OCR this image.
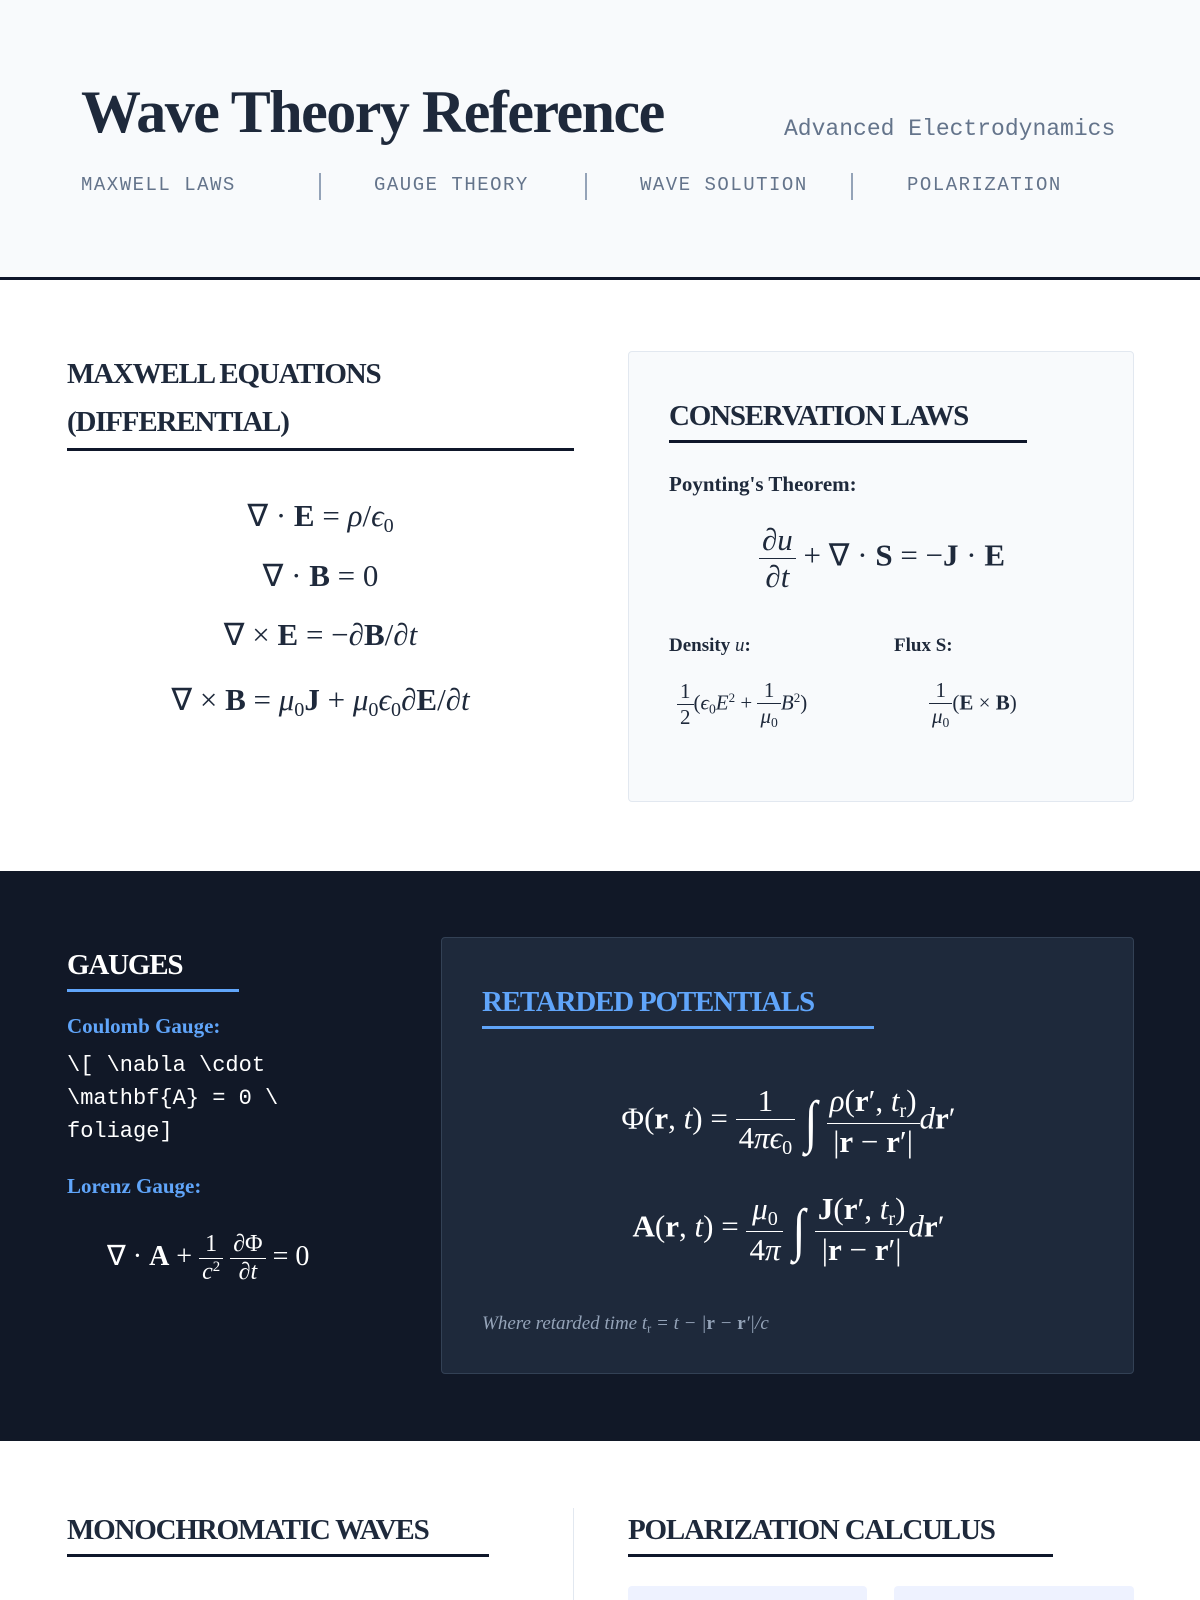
Wave Theory Reference	Advanced Electrodynamics
MAXWELL LAWS	GAUGE THEORY	WAVE SOLUTION	POLARIZATION
MAXWELL EQUATIONS
(DIFFERENTIAL)
∇ · $E = \rho/\epsilon_0$
∇ · B = 0
∇ × E = −∂B/∂t
∇ × $B = \mu_0J + \mu_0\epsilon_0\partial E/\partial t$
CONSERVATION LAWS
Poynting's Theorem:
$\frac{\partial u}{\partial t}$ + ∇ · S = −J · E
Density u:	Flux S:
$\frac{1}{2} (\epsilon_0E^2 + \frac{1}{\mu_0} B^2)$	$\frac{1}{\mu_0} (E \times B)$
GAUGES
Coulomb Gauge:
\[ \nabla \cdot \mathbf{A} = 0 \ foliage]
Lorenz Gauge:
∇ · $A + \frac{1}{c^2}$
$\frac{\partial\Phi}{\partial t} = 0$
RETARDED POTENTIALS
Φ(r, $t) = \frac{1}{4\pi\epsilon_0}$ ∫ $\frac{\rho(r', t_r)}{|r - r'|} dr'$
A(r, $t) = \frac{\mu_0}{4\pi}$ ∫ $\frac{J(r', t_r)}{|r - r'|} dr'$
Where retarded time $t_r = t - |r - r'|/c$
MONOCHROMATIC WAVES	POLARIZATION CALCULUS
